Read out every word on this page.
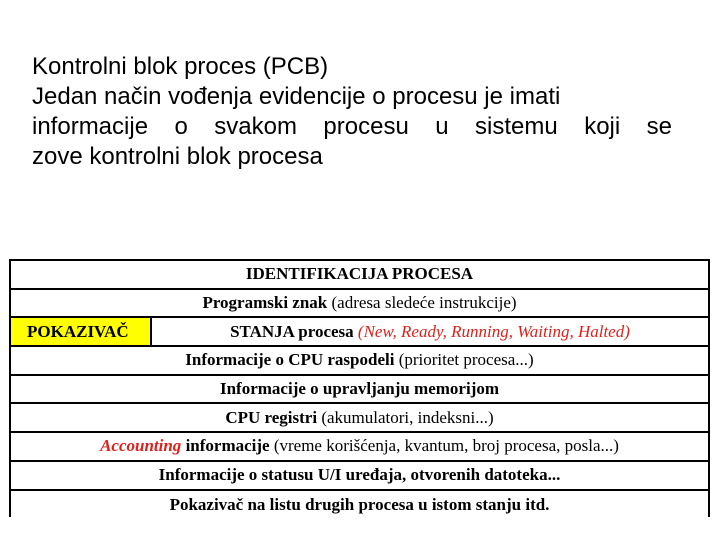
Kontrolni blok proces (PCB)
Jedan način vođenja evidencije o procesu je imati
informacije o svakom procesu u sistemu koji se
zove kontrolni blok procesa
IDENTIFIKACIJA PROCESA
Programski znak (adresa sledeće instrukcije)
POKAZIVAČ	STANJA procesa (New, Ready, Running, Waiting, Halted)
Informacije o CPU raspodeli (prioritet procesa...)
Informacije o upravljanju memorijom
CPU registri (akumulatori, indeksni...)
Accounting informacije (vreme korišćenja, kvantum, broj procesa, posla...)
Informacije o statusu U/I uređaja, otvorenih datoteka...
Pokazivač na listu drugih procesa u istom stanju itd.
